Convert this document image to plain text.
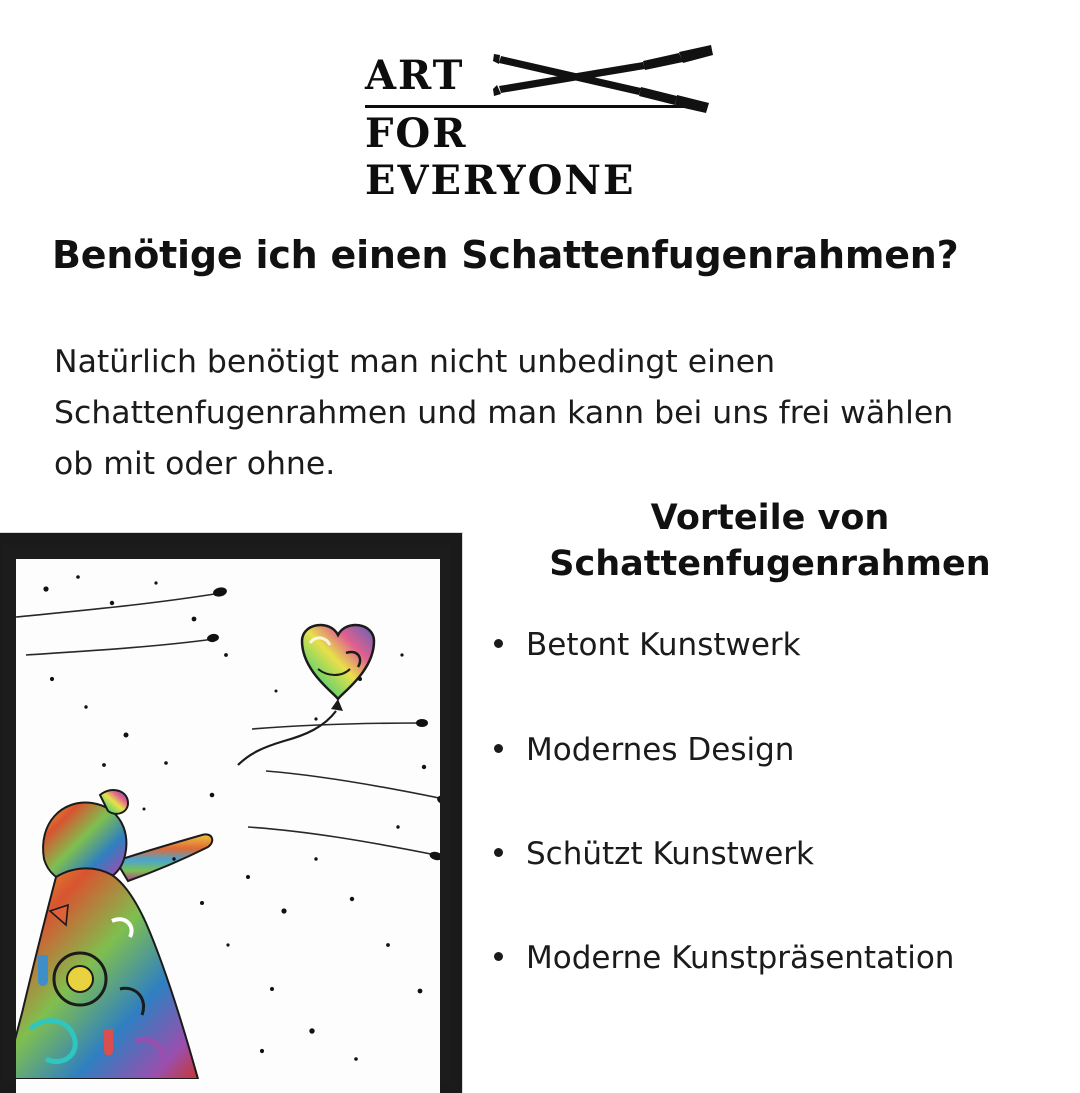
ART
FOR EVERYONE
Benötige ich einen Schattenfugenrahmen?

Natürlich benötigt man nicht unbedingt einen Schattenfugenrahmen und man kann bei uns frei wählen ob mit oder ohne.

Vorteile von Schattenfugenrahmen
Betont Kunstwerk
Modernes Design
Schützt Kunstwerk
Moderne Kunstpräsentation
